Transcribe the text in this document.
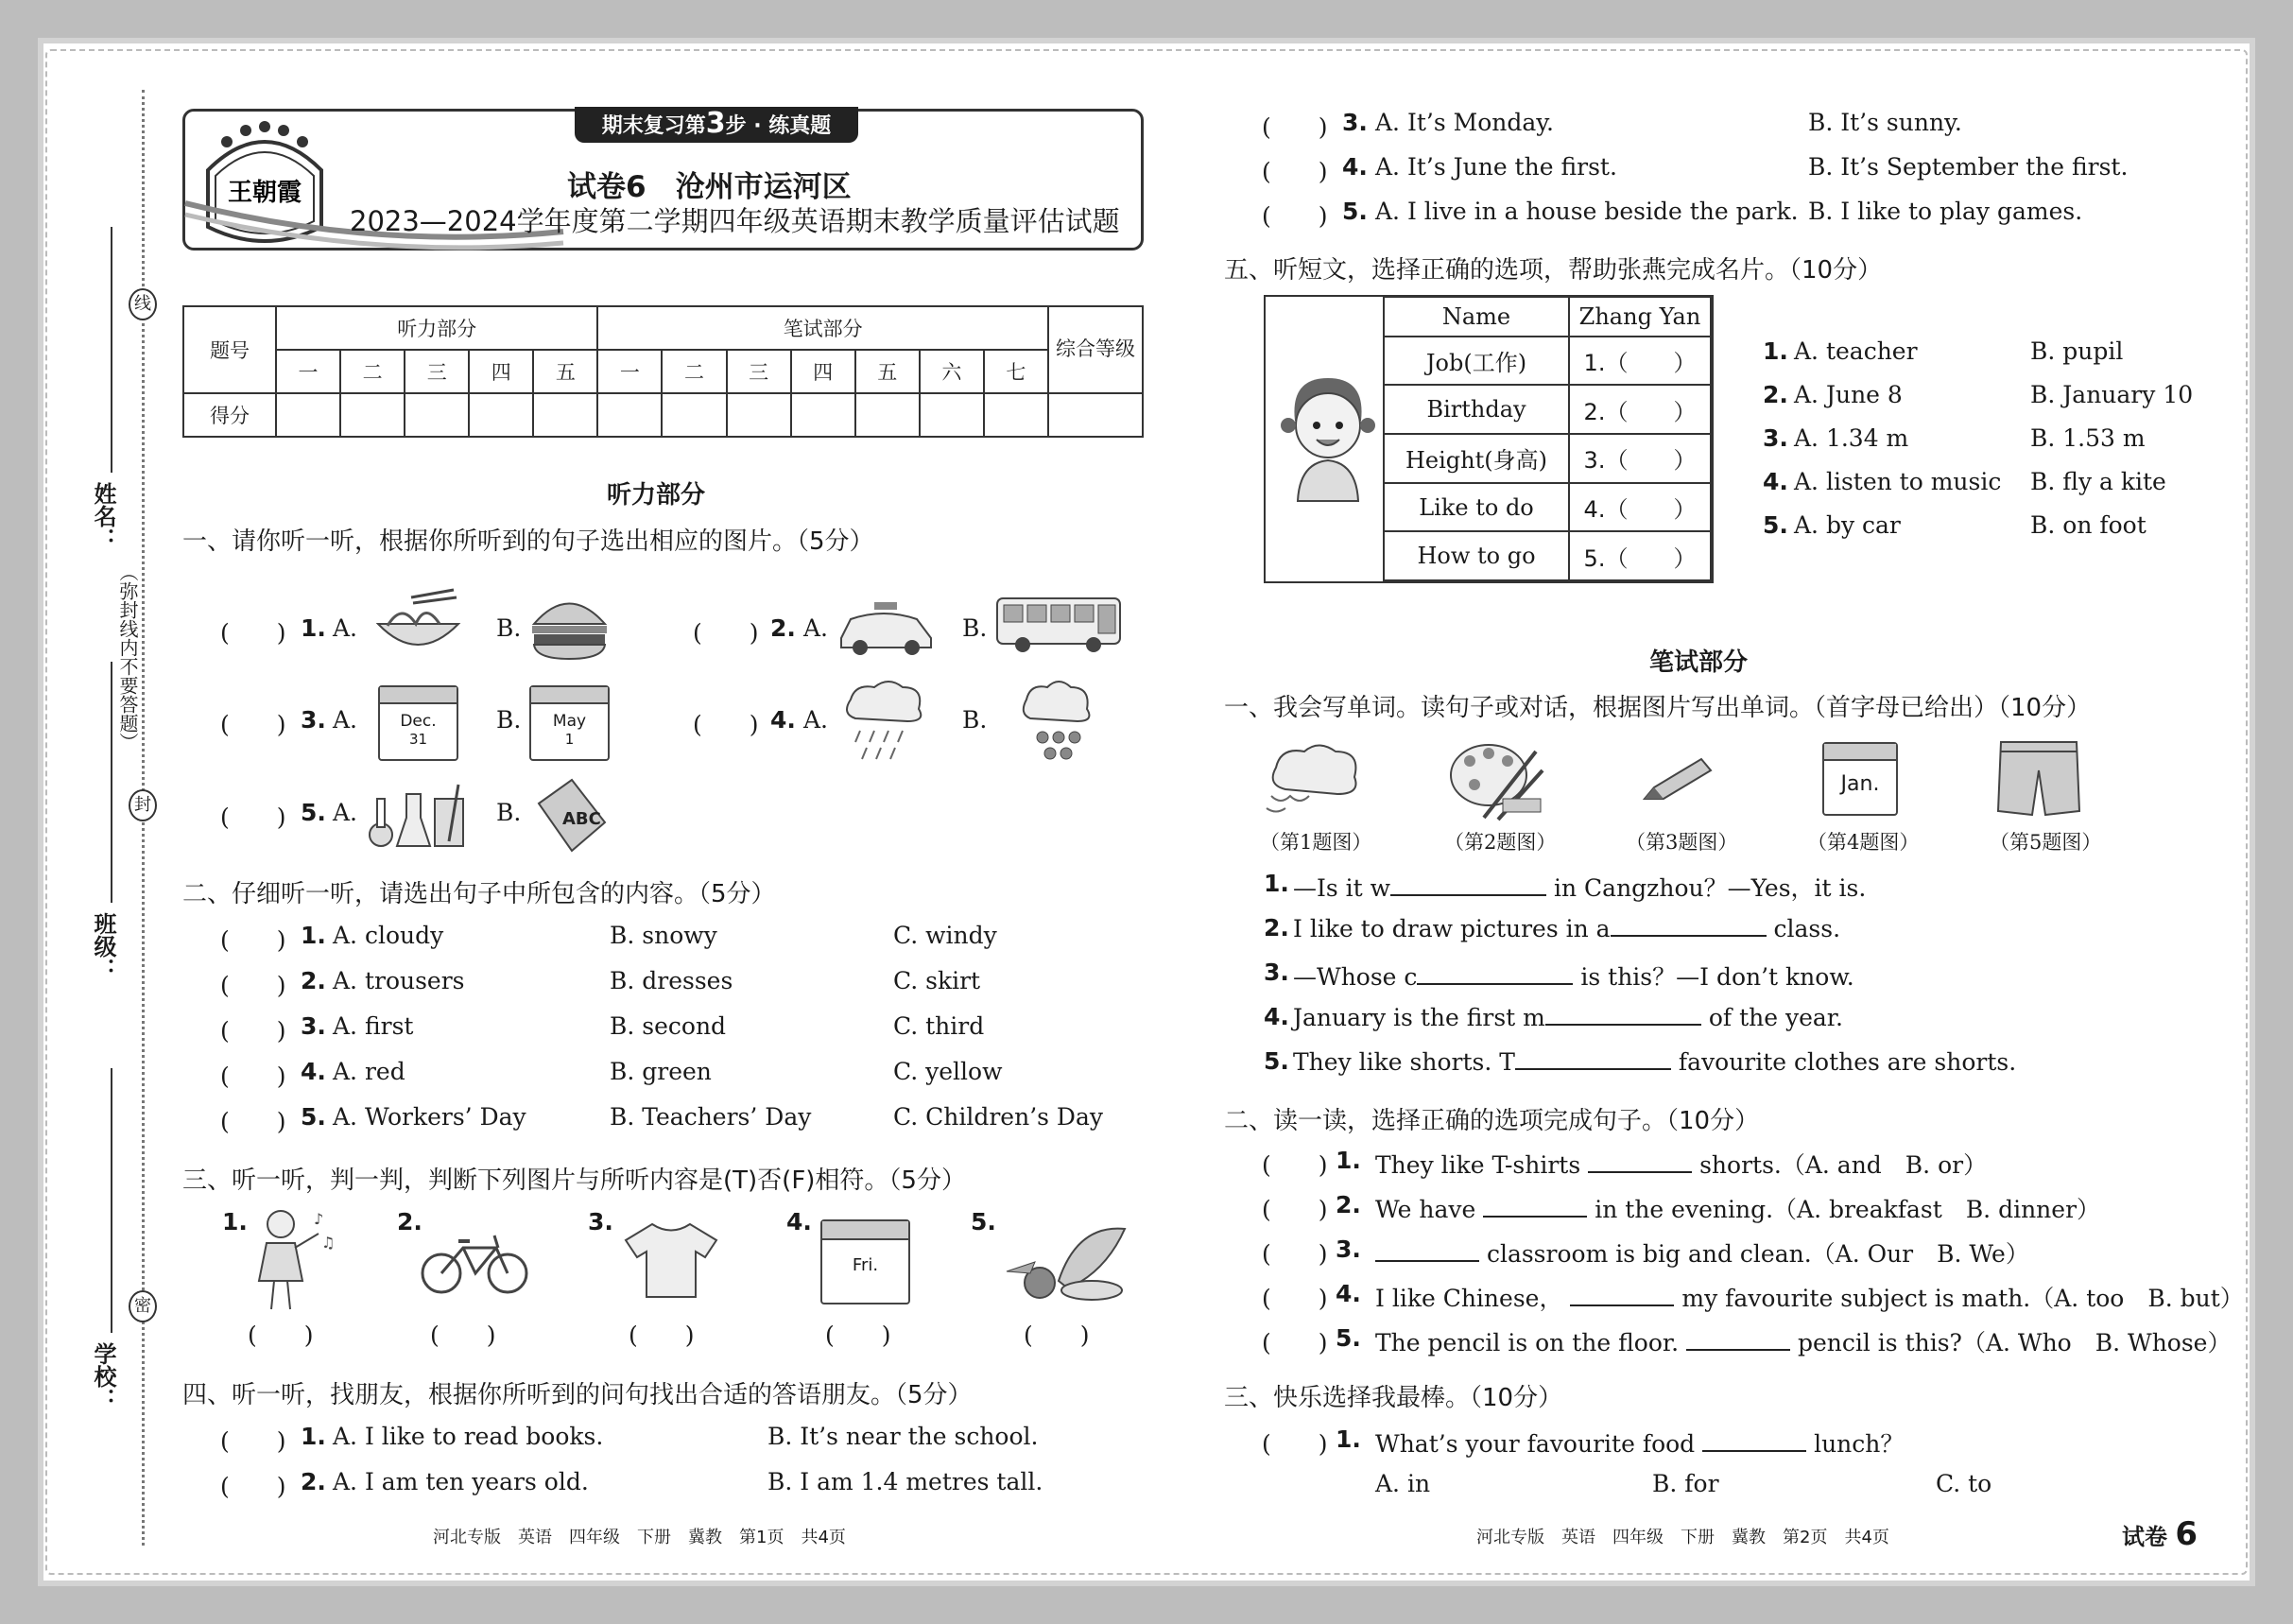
姓名：
班级：
学校：
线
封
密
（弥封线内不要答题）
期末复习第3步 · 练真题
王朝霞	试卷6　沧州市运河区
2023—2024学年度第二学期四年级英语期末教学质量评估试题
题号	听力部分					笔试部分							综合等级
	一	二	三	四	五	一	二	三	四	五	六	七	
得分													
听力部分
一、请你听一听，根据你所听到的句子选出相应的图片。（5分）
(　　) 1. A.	B.	(　　) 2. A.	B.
(　　) 3. A.	Dec.
31
B.	May
1
(　　) 4. A.	B.
(　　) 5. A.	B. ABC
二、仔细听一听，请选出句子中所包含的内容。（5分）
(　　) 1. A. cloudy	B. snowy	C. windy
(　　) 2. A. trousers	B. dresses	C. skirt
(　　) 3. A. first	B. second	C. third
(　　) 4. A. red	B. green	C. yellow
(　　) 5. A. Workers’ Day	B. Teachers’ Day	C. Children’s Day
三、听一听，判一判，判断下列图片与所听内容是(T)否(F)相符。（5分）
1.	♪
♫
(　　)
2.
(　　)
3.
(　　)
4.
Fri.
(　　)
5.
(　　)
四、听一听，找朋友，根据你所听到的问句找出合适的答语朋友。（5分）
(　　) 1. A. I like to read books.	B. It’s near the school.
(　　) 2. A. I am ten years old.	B. I am 1.4 metres tall.
(　　) 3. A. It’s Monday.	B. It’s sunny.
(　　) 4. A. It’s June the first.	B. It’s September the first.
(　　) 5. A. I live in a house beside the park. B. I like to play games.
五、听短文，选择正确的选项，帮助张燕完成名片。（10分）
Name	Zhang Yan
Job(工作)	1.（　　）
Birthday	2.（　　）
Height(身高)	3.（　　）
Like to do	4.（　　）
How to go	5.（　　）
1. A. teacher	B. pupil
2. A. June 8	B. January 10
3. A. 1.34 m	B. 1.53 m
4. A. listen to music B. fly a kite
5. A. by car	B. on foot
笔试部分
一、我会写单词。读句子或对话，根据图片写出单词。（首字母已给出）（10分）
Jan.
（第1题图）	（第2题图）	（第3题图）	（第4题图）	（第5题图）
1. —Is it w	in Cangzhou？—Yes，it is.
2. I like to draw pictures in a	class.
3. —Whose c	is this？—I don’t know.
4. January is the first m	of the year.
5. They like shorts. T	favourite clothes are shorts.
二、读一读，选择正确的选项完成句子。（10分）
(　　) 1. They like T-shirts	shorts.（A. and　B. or）
(　　) 2. We have	in the evening.（A. breakfast　B. dinner）
(　　) 3.	classroom is big and clean.（A. Our　B. We）
(　　) 4. I like Chinese，	my favourite subject is math.（A. too　B. but）
(　　) 5. The pencil is on the floor.	pencil is this?（A. Who　B. Whose）
三、快乐选择我最棒。（10分）
(　　) 1. What’s your favourite food	lunch？
A. in	B. for	C. to
河北专版　英语　四年级　下册　冀教　第1页　共4页	河北专版　英语　四年级　下册　冀教　第2页　共4页	试卷 6
